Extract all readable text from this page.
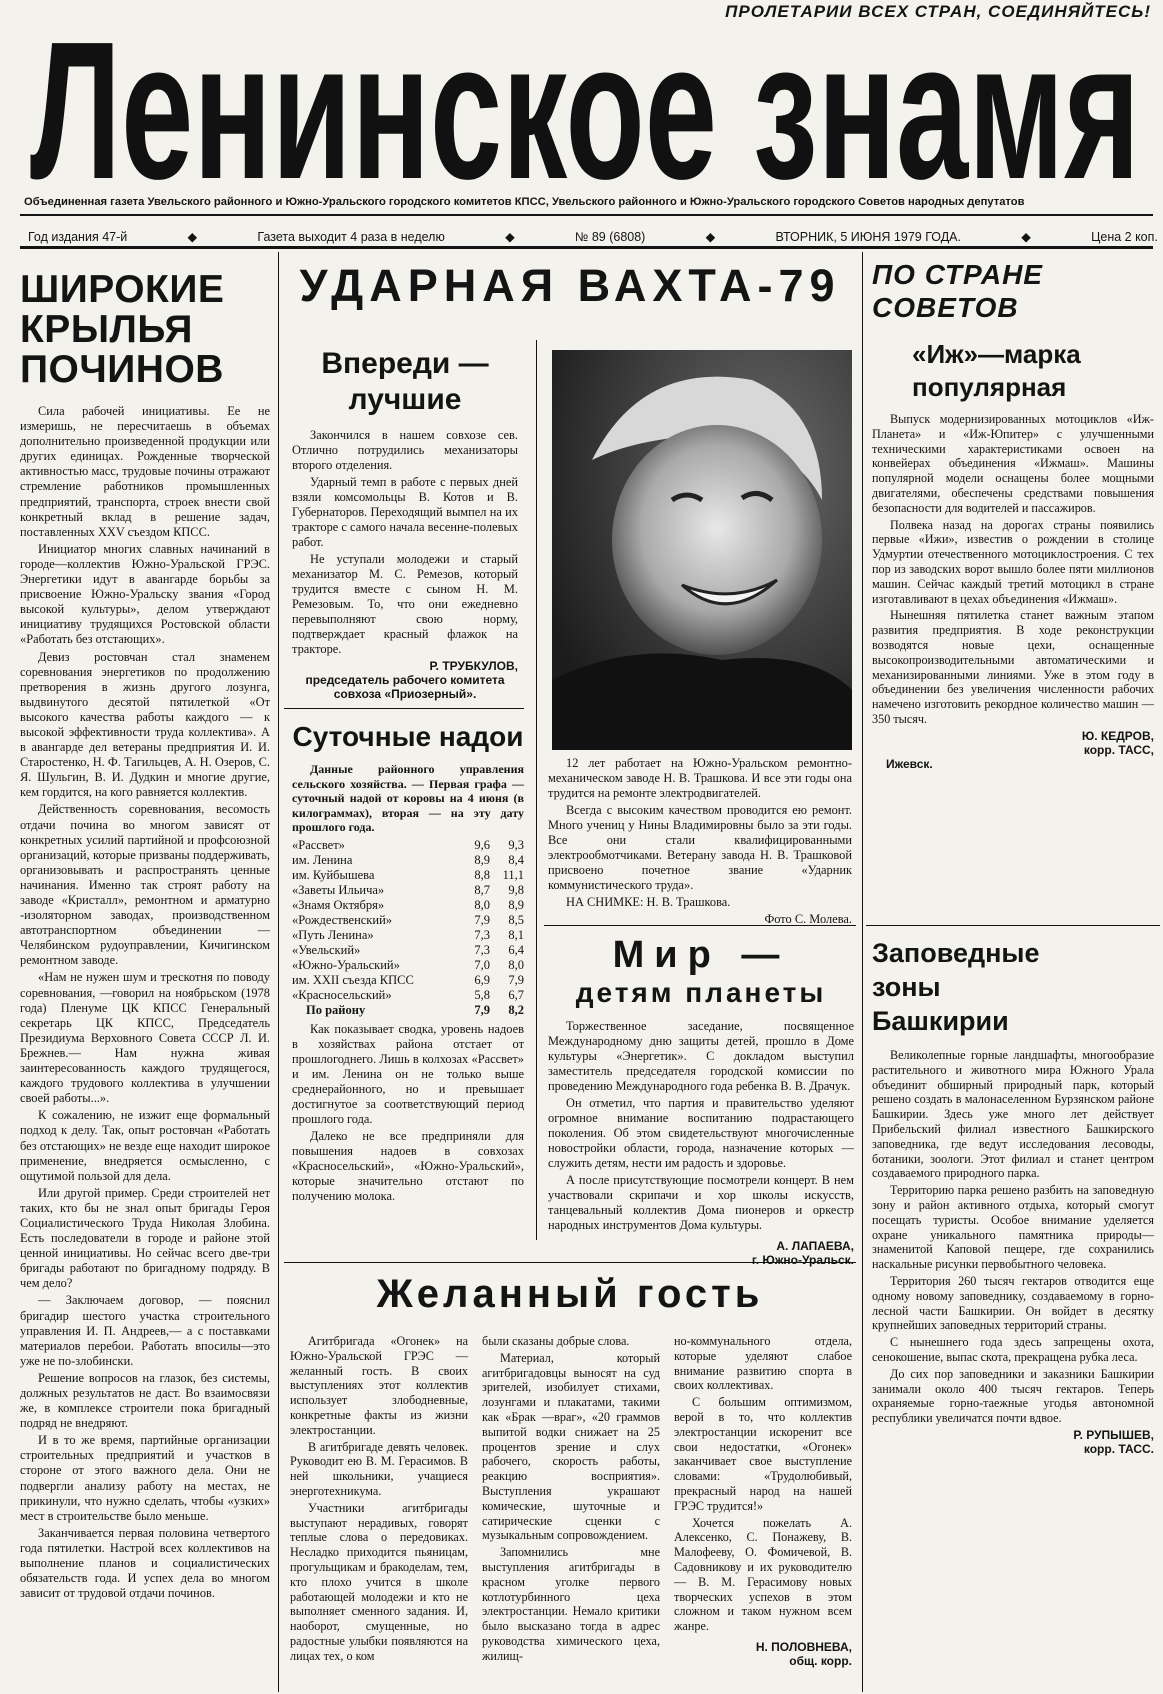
ПРОЛЕТАРИИ ВСЕХ СТРАН, СОЕДИНЯЙТЕСЬ!
Ленинское знамя
Объединенная газета Увельского районного и Южно-Уральского городского комитетов КПСС, Увельского районного и Южно-Уральского городского Советов народных депутатов
Год издания 47-й	◆	Газета выходит 4 раза в неделю	◆	№ 89 (6808)	◆	ВТОРНИК, 5 ИЮНЯ 1979 ГОДА.	◆	Цена 2 коп.
ШИРОКИЕ КРЫЛЬЯ ПОЧИНОВ

Сила рабочей инициативы. Ее не измеришь, не пересчитаешь в объемах дополнительно произведенной продукции или других единицах. Рожденные творческой активностью масс, трудовые почины отражают стремление работников промышленных предприятий, транспорта, строек внести свой конкретный вклад в решение задач, поставленных XXV съездом КПСС.

Инициатор многих славных начинаний в городе—коллектив Южно-Уральской ГРЭС. Энергетики идут в авангарде борьбы за присвоение Южно-Уральску звания «Город высокой культуры», делом утверждают инициативу трудящихся Ростовской области «Работать без отстающих».

Девиз ростовчан стал знаменем соревнования энергетиков по продолжению претворения в жизнь другого лозунга, выдвинутого десятой пятилеткой «От высокого качества работы каждого — к высокой эффективности труда коллектива». А в авангарде дел ветераны предприятия И. И. Старостенко, Н. Ф. Тагильцев, А. Н. Озеров, С. Я. Шульгин, В. И. Дудкин и многие другие, кем гордится, на кого равняется коллектив.

Действенность соревнования, весомость отдачи почина во многом зависят от конкретных усилий партийной и профсоюзной организаций, которые призваны поддерживать, организовывать и распространять ценные начинания. Именно так строят работу на заводе «Кристалл», ремонтном и арматурно -изоляторном заводах, производственном автотранспортном объединении — Челябинском рудоуправлении, Кичигинском ремонтном заводе.

«Нам не нужен шум и трескотня по поводу соревнования, —говорил на ноябрьском (1978 года) Пленуме ЦК КПСС Генеральный секретарь ЦК КПСС, Председатель Президиума Верховного Совета СССР Л. И. Брежнев.— Нам нужна живая заинтересованность каждого трудящегося, каждого трудового коллектива в улучшении своей работы...».

К сожалению, не изжит еще формальный подход к делу. Так, опыт ростовчан «Работать без отстающих» не везде еще находит широкое применение, внедряется осмысленно, с ощутимой пользой для дела.

Или другой пример. Среди строителей нет таких, кто бы не знал опыт бригады Героя Социалистического Труда Николая Злобина. Есть последователи в городе и районе этой ценной инициативы. Но сейчас всего две-три бригады работают по бригадному подряду. В чем дело?

— Заключаем договор, — пояснил бригадир шестого участка строительного управления И. П. Андреев,— а с поставками материалов перебои. Работать впосилы—это уже не по-злобински.

Решение вопросов на глазок, без системы, должных результатов не даст. Во взаимосвязи же, в комплексе строители пока бригадный подряд не внедряют.

И в то же время, партийные организации строительных предприятий и участков в стороне от этого важного дела. Они не подвергли анализу работу на местах, не прикинули, что нужно сделать, чтобы «узких» мест в строительстве было меньше.

Заканчивается первая половина четвертого года пятилетки. Настрой всех коллективов на выполнение планов и социалистических обязательств года. И успех дела во многом зависит от трудовой отдачи починов.

УДАРНАЯ ВАХТА-79
Впереди — лучшие

Закончился в нашем совхозе сев. Отлично потрудились механизаторы второго отделения.

Ударный темп в работе с первых дней взяли комсомольцы В. Котов и В. Губернаторов. Переходящий вымпел на их тракторе с самого начала весенне-полевых работ.

Не уступали молодежи и старый механизатор М. С. Ремезов, который трудится вместе с сыном Н. М. Ремезовым. То, что они ежедневно перевыполняют свою норму, подтверждает красный флажок на тракторе.

Р. ТРУБКУЛОВ,
председатель рабочего комитета совхоза «Приозерный».
Суточные надои
Данные районного управления сельского хозяйства. — Первая графа —суточный надой от коровы на 4 июня (в килограммах), вторая — на эту дату прошлого года.
«Рассвет»	9,6	9,3
им. Ленина	8,9	8,4
им. Куйбышева	8,8	11,1
«Заветы Ильича»	8,7	9,8
«Знамя Октября»	8,0	8,9
«Рождественский»	7,9	8,5
«Путь Ленина»	7,3	8,1
«Увельский»	7,3	6,4
«Южно-Уральский»	7,0	8,0
им. XXII съезда КПСС	6,9	7,9
«Красносельский»	5,8	6,7
По району	7,9	8,2

Как показывает сводка, уровень надоев в хозяйствах района отстает от прошлогоднего. Лишь в колхозах «Рассвет» и им. Ленина он не только выше среднерайонного, но и превышает достигнутое за соответствующий период прошлого года.

Далеко не все предприняли для повышения надоев в совхозах «Красносельский», «Южно-Уральский», которые значительно отстают по получению молока.

12 лет работает на Южно-Уральском ремонтно-механическом заводе Н. В. Трашкова. И все эти годы она трудится на ремонте электродвигателей.

Всегда с высоким качеством проводится ею ремонт. Много учениц у Нины Владимировны было за эти годы. Все они стали квалифицированными электрообмотчиками. Ветерану завода Н. В. Трашковой присвоено почетное звание «Ударник коммунистического труда».

НА СНИМКЕ: Н. В. Трашкова.

Фото С. Молева.
Мир —
детям планеты

Торжественное заседание, посвященное Международному дню защиты детей, прошло в Доме культуры «Энергетик». С докладом выступил заместитель председателя городской комиссии по проведению Международного года ребенка В. В. Драчук.

Он отметил, что партия и правительство уделяют огромное внимание воспитанию подрастающего поколения. Об этом свидетельствуют многочисленные новостройки области, города, назначение которых — служить детям, нести им радость и здоровье.

А после присутствующие посмотрели концерт. В нем участвовали скрипачи и хор школы искусств, танцевальный коллектив Дома пионеров и оркестр народных инструментов Дома культуры.

А. ЛАПАЕВА,
г. Южно-Уральск.
Желанный гость

Агитбригада «Огонек» на Южно-Уральской ГРЭС — желанный гость. В своих выступлениях этот коллектив использует злободневные, конкретные факты из жизни электростанции.

В агитбригаде девять человек. Руководит ею В. М. Герасимов. В ней школьники, учащиеся энерготехникума.

Участники агитбригады выступают нерадивых, говорят теплые слова о передовиках. Несладко приходится пьяницам, прогульщикам и бракоделам, тем, кто плохо учится в школе работающей молодежи и кто не выполняет сменного задания. И, наоборот, смущенные, но радостные улыбки появляются на лицах тех, о ком

были сказаны добрые слова.

Материал, который агитбригадовцы выносят на суд зрителей, изобилует стихами, лозунгами и плакатами, такими как «Брак —враг», «20 граммов выпитой водки снижает на 25 процентов зрение и слух рабочего, скорость работы, реакцию восприятия». Выступления украшают комические, шуточные и сатирические сценки с музыкальным сопровождением.

Запомнились мне выступления агитбригады в красном уголке первого котлотурбинного цеха электростанции. Немало критики было высказано тогда в адрес руководства химического цеха, жилищ-

но-коммунального отдела, которые уделяют слабое внимание развитию спорта в своих коллективах.

С большим оптимизмом, верой в то, что коллектив электростанции искоренит все свои недостатки, «Огонек» заканчивает свое выступление словами: «Трудолюбивый, прекрасный народ на нашей ГРЭС трудится!»

Хочется пожелать А. Алексенко, С. Понажеву, В. Малофееву, О. Фомичевой, В. Садовникову и их руководителю — В. М. Герасимову новых творческих успехов в этом сложном и таком нужном всем жанре.

Н. ПОЛОВНЕВА,
общ. корр.
ПО СТРАНЕ
СОВЕТОВ
«Иж»—марка популярная

Выпуск модернизированных мотоциклов «Иж-Планета» и «Иж-Юпитер» с улучшенными техническими характеристиками освоен на конвейерах объединения «Ижмаш». Машины популярной модели оснащены более мощными двигателями, обеспечены средствами повышения безопасности для водителей и пассажиров.

Полвека назад на дорогах страны появились первые «Ижи», известив о рождении в столице Удмуртии отечественного мотоциклостроения. С тех пор из заводских ворот вышло более пяти миллионов машин. Сейчас каждый третий мотоцикл в стране изготавливают в цехах объединения «Ижмаш».

Нынешняя пятилетка станет важным этапом развития предприятия. В ходе реконструкции возводятся новые цехи, оснащенные высокопроизводительными автоматическими и механизированными линиями. Уже в этом году в объединении без увеличения численности рабочих намечено изготовить рекордное количество машин —350 тысяч.

Ю. КЕДРОВ,
корр. ТАСС,
Ижевск.
Заповедные зоны Башкирии

Великолепные горные ландшафты, многообразие растительного и животного мира Южного Урала объединит обширный природный парк, который решено создать в малонаселенном Бурзянском районе Башкирии. Здесь уже много лет действует Прибельский филиал известного Башкирского заповедника, где ведут исследования лесоводы, ботаники, зоологи. Этот филиал и станет центром создаваемого природного парка.

Территорию парка решено разбить на заповедную зону и район активного отдыха, который смогут посещать туристы. Особое внимание уделяется охране уникального памятника природы— знаменитой Каповой пещере, где сохранились наскальные рисунки первобытного человека.

Территория 260 тысяч гектаров отводится еще одному новому заповеднику, создаваемому в горно-лесной части Башкирии. Он войдет в десятку крупнейших заповедных территорий страны.

С нынешнего года здесь запрещены охота, сенокошение, выпас скота, прекращена рубка леса.

До сих пор заповедники и заказники Башкирии занимали около 400 тысяч гектаров. Теперь охраняемые горно-таежные угодья автономной республики увеличатся почти вдвое.

Р. РУПЫШЕВ,
корр. ТАСС.
